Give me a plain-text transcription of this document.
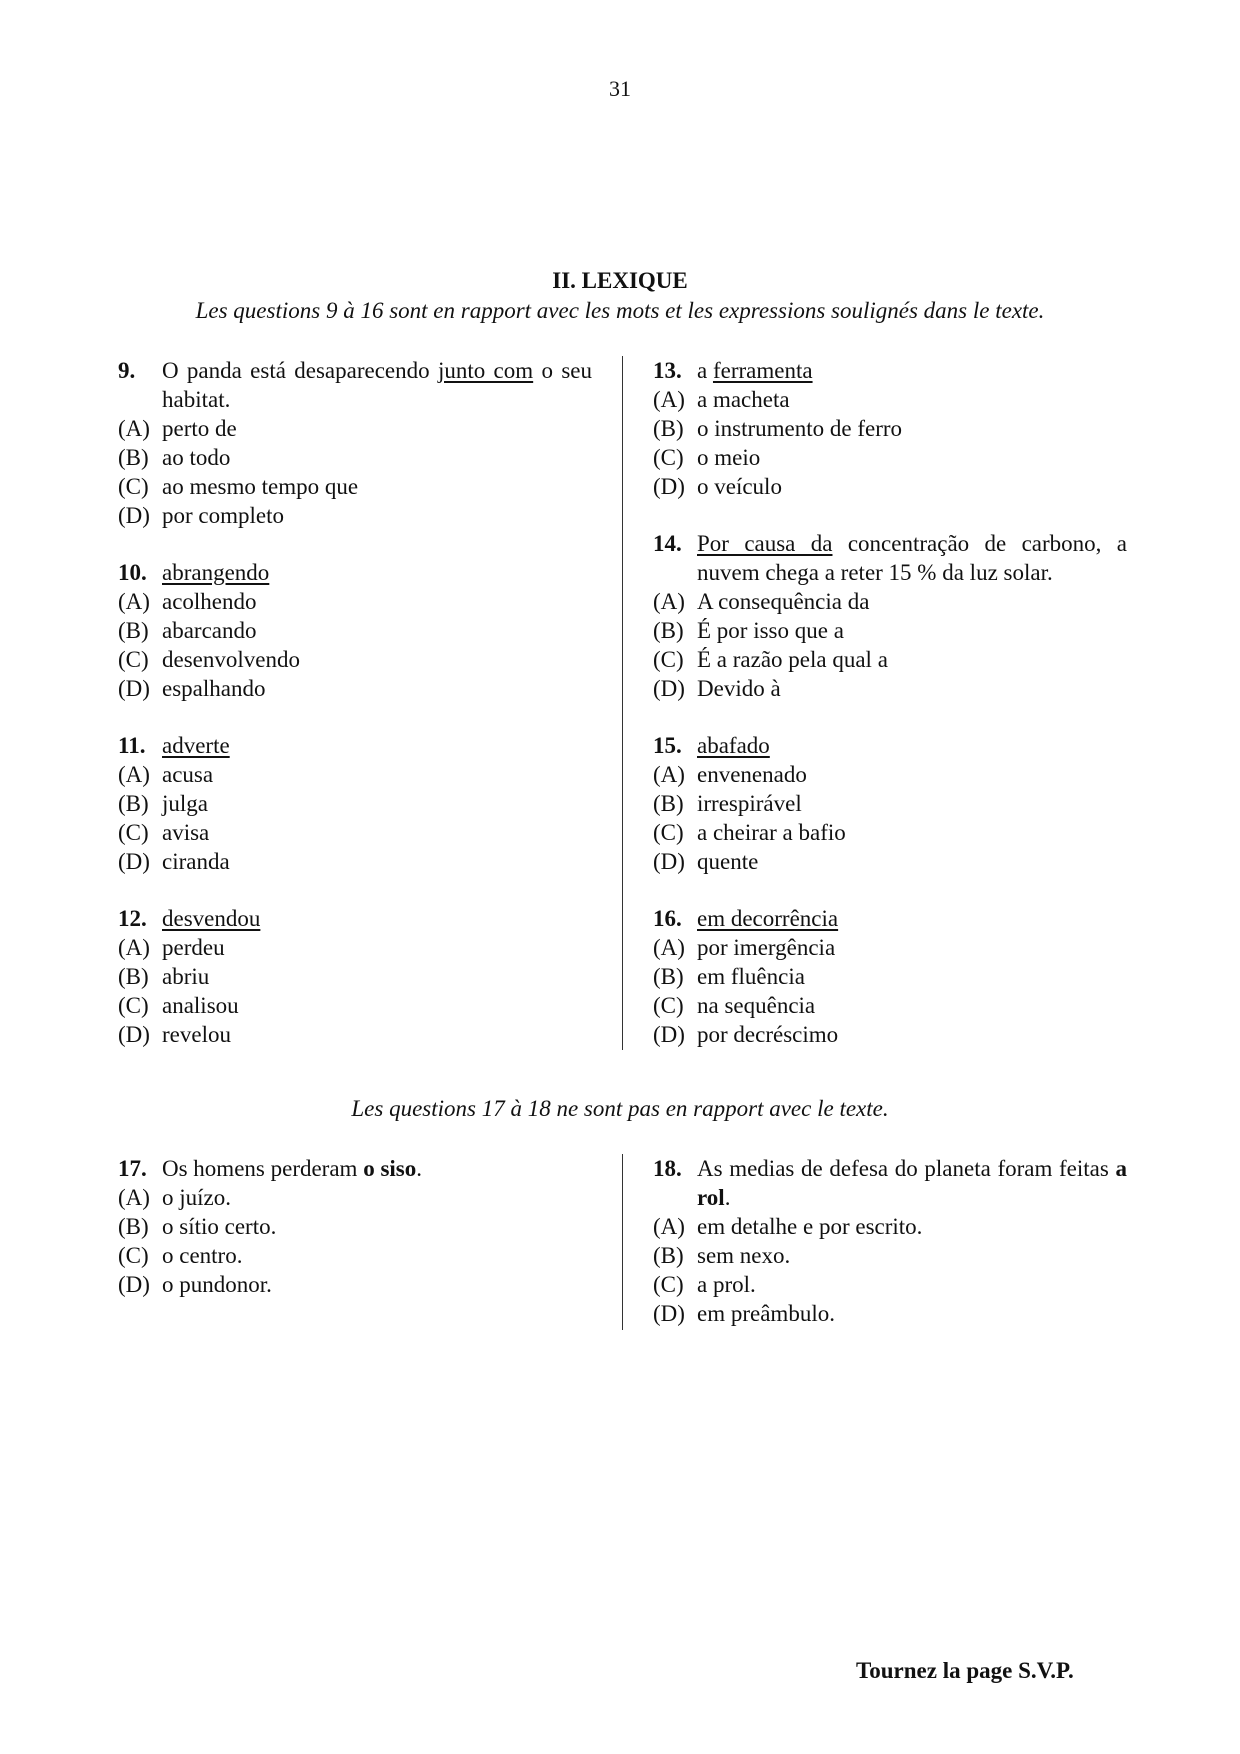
31
II. LEXIQUE
Les questions 9 à 16 sont en rapport avec les mots et les expressions soulignés dans le texte.
9.	O panda está desaparecendo junto com o seu habitat.
(A) perto de
(B) ao todo
(C) ao mesmo tempo que
(D) por completo
10. abrangendo
(A) acolhendo
(B) abarcando
(C) desenvolvendo
(D) espalhando
11. adverte
(A) acusa
(B) julga
(C) avisa
(D) ciranda
12. desvendou
(A) perdeu
(B) abriu
(C) analisou
(D) revelou
13. a ferramenta
(A) a macheta
(B) o instrumento de ferro
(C) o meio
(D) o veículo
14. Por causa da concentração de carbono, a nuvem chega a reter 15 % da luz solar.
(A) A consequência da
(B) É por isso que a
(C) É a razão pela qual a
(D) Devido à
15. abafado
(A) envenenado
(B) irrespirável
(C) a cheirar a bafio
(D) quente
16. em decorrência
(A) por imergência
(B) em fluência
(C) na sequência
(D) por decréscimo
Les questions 17 à 18 ne sont pas en rapport avec le texte.
17. Os homens perderam o siso.
(A) o juízo.
(B) o sítio certo.
(C) o centro.
(D) o pundonor.
18. As medias de defesa do planeta foram feitas a rol.
(A) em detalhe e por escrito.
(B) sem nexo.
(C) a prol.
(D) em preâmbulo.
Tournez la page S.V.P.
